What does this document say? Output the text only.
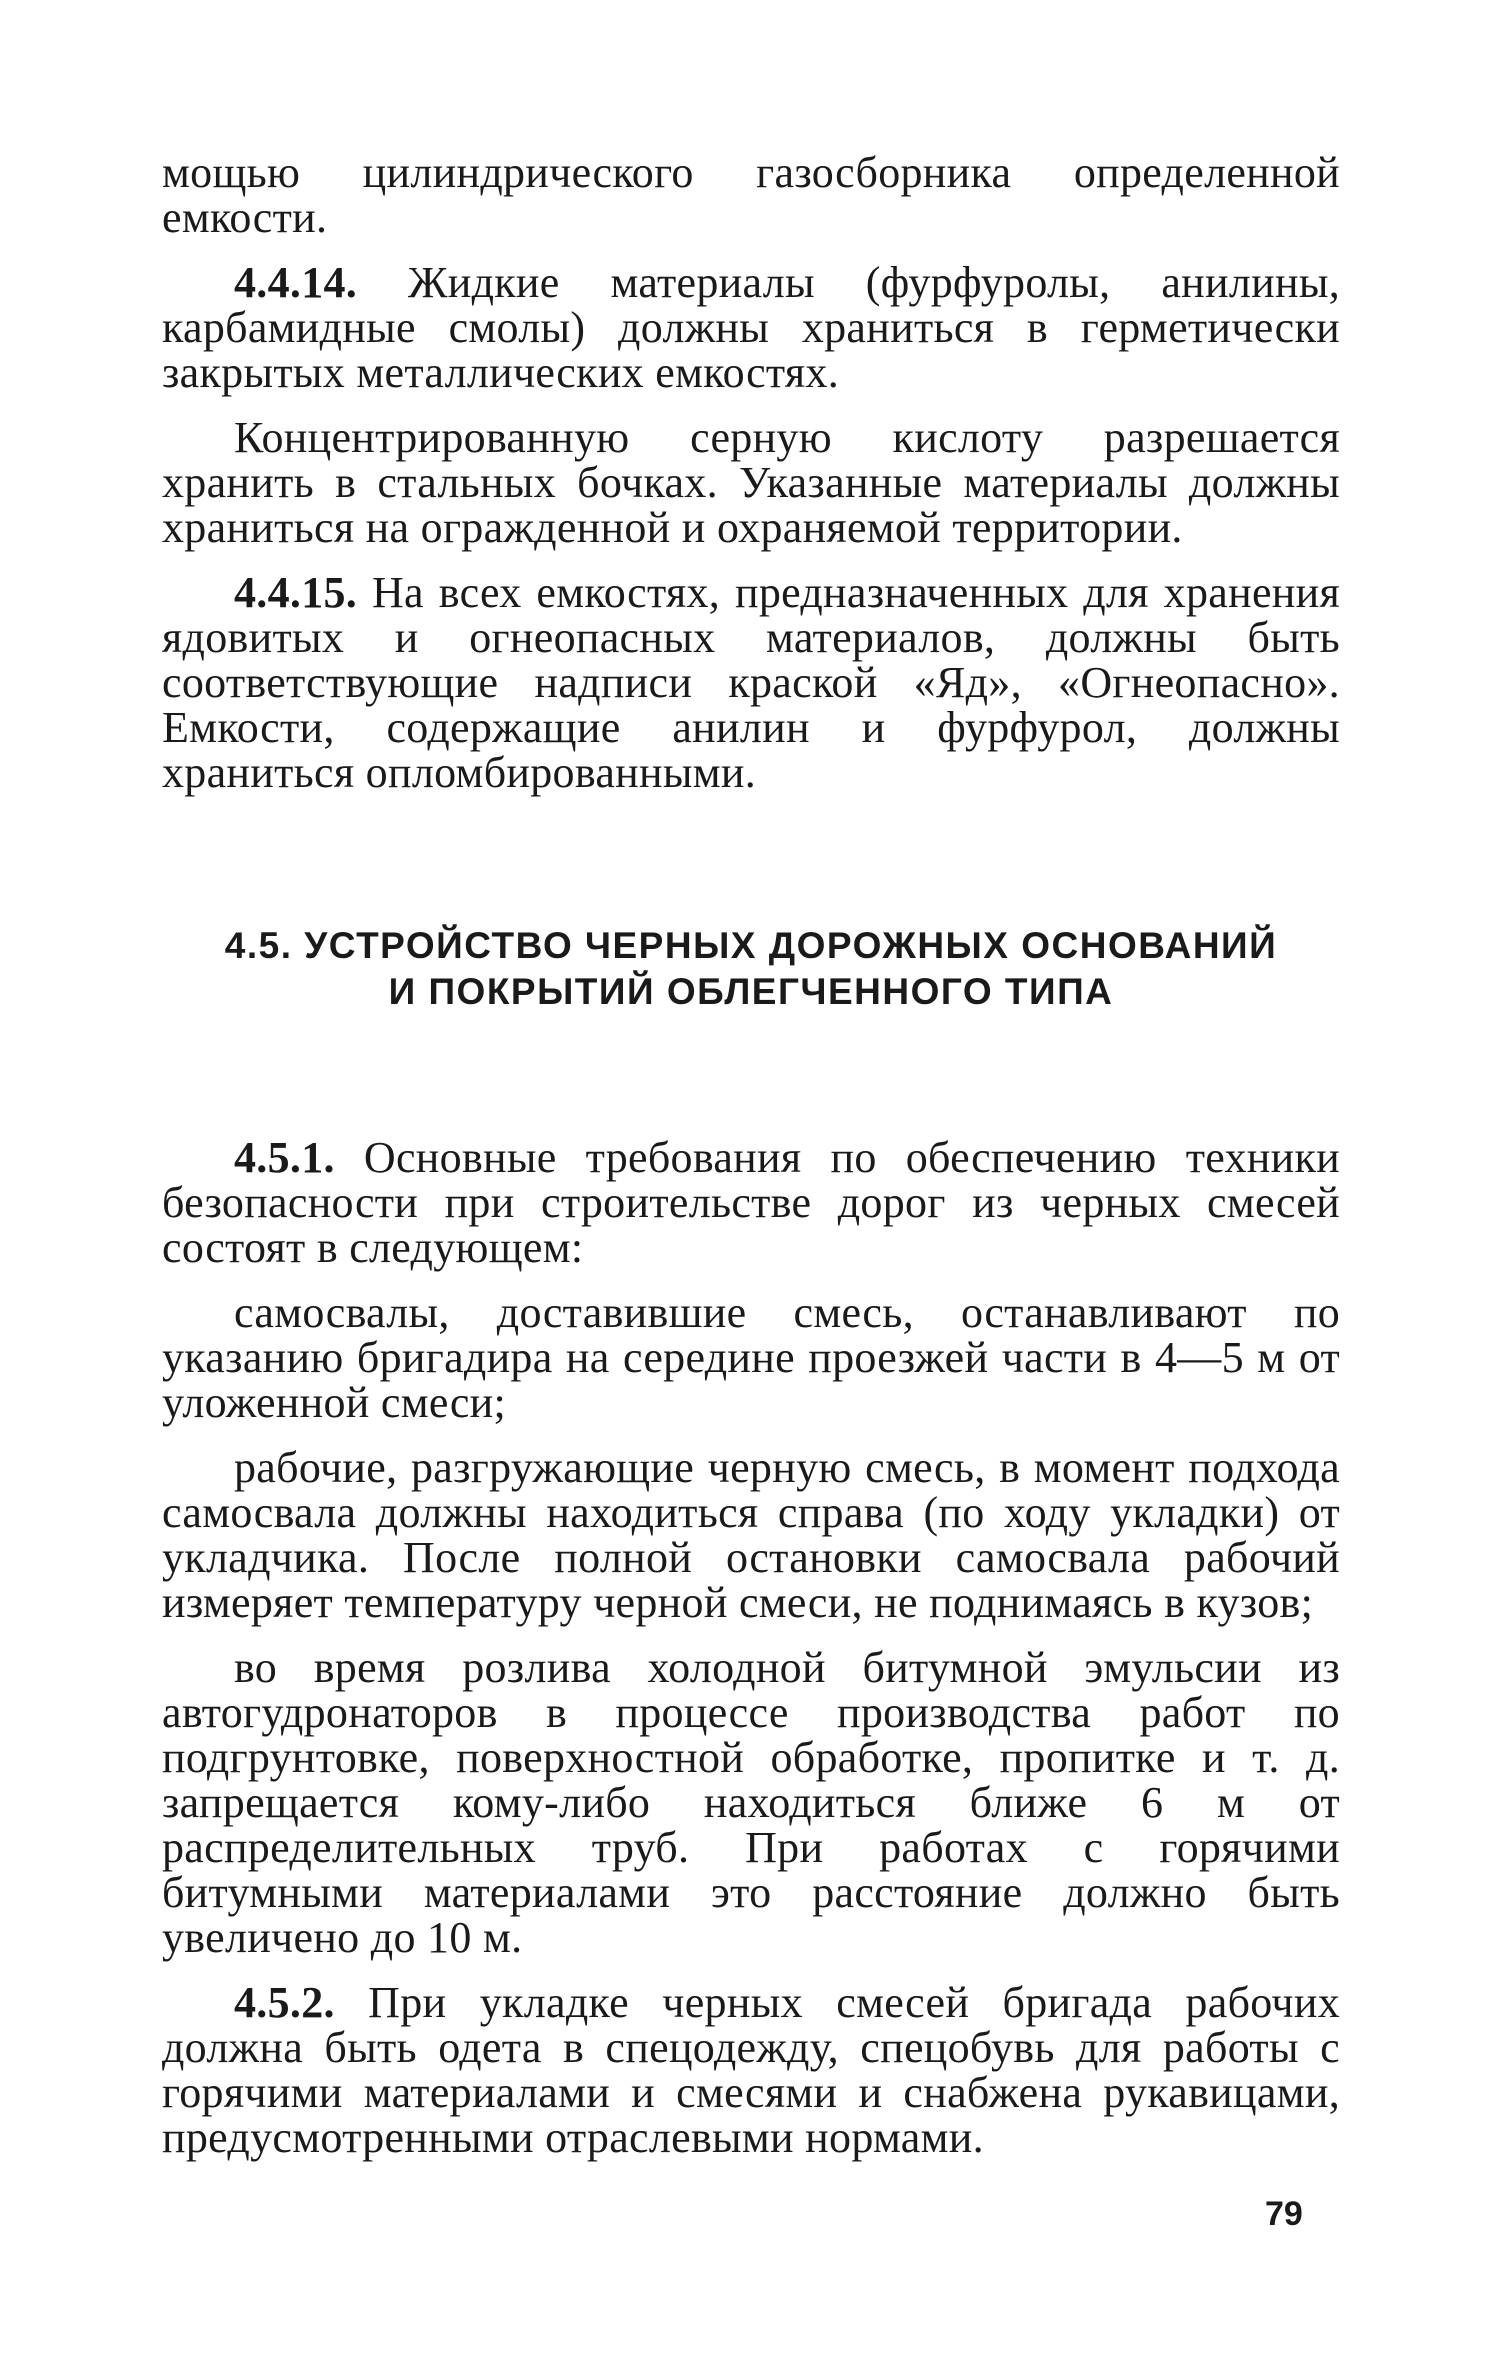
мощью цилиндрического газосборника определенной емкости.

4.4.14. Жидкие материалы (фурфуролы, анилины, карбамидные смолы) должны храниться в герметически закрытых металлических емкостях.

Концентрированную серную кислоту разрешается хранить в стальных бочках. Указанные материалы должны храниться на огражденной и охраняемой территории.

4.4.15. На всех емкостях, предназначенных для хранения ядовитых и огнеопасных материалов, должны быть соответствующие надписи краской «Яд», «Огнеопасно». Емкости, содержащие анилин и фурфурол, должны храниться опломбированными.

4.5. УСТРОЙСТВО ЧЕРНЫХ ДОРОЖНЫХ ОСНОВАНИЙ
И ПОКРЫТИЙ ОБЛЕГЧЕННОГО ТИПА

4.5.1. Основные требования по обеспечению техники безопасности при строительстве дорог из черных смесей состоят в следующем:

самосвалы, доставившие смесь, останавливают по указанию бригадира на середине проезжей части в 4—5 м от уложенной смеси;

рабочие, разгружающие черную смесь, в момент подхода самосвала должны находиться справа (по ходу укладки) от укладчика. После полной остановки самосвала рабочий измеряет температуру черной смеси, не поднимаясь в кузов;

во время розлива холодной битумной эмульсии из автогудронаторов в процессе производства работ по подгрунтовке, поверхностной обработке, пропитке и т. д. запрещается кому-либо находиться ближе 6 м от распределительных труб. При работах с горячими битумными материалами это расстояние должно быть увеличено до 10 м.

4.5.2. При укладке черных смесей бригада рабочих должна быть одета в спецодежду, спецобувь для работы с горячими материалами и смесями и снабжена рукавицами, предусмотренными отраслевыми нормами.

79
